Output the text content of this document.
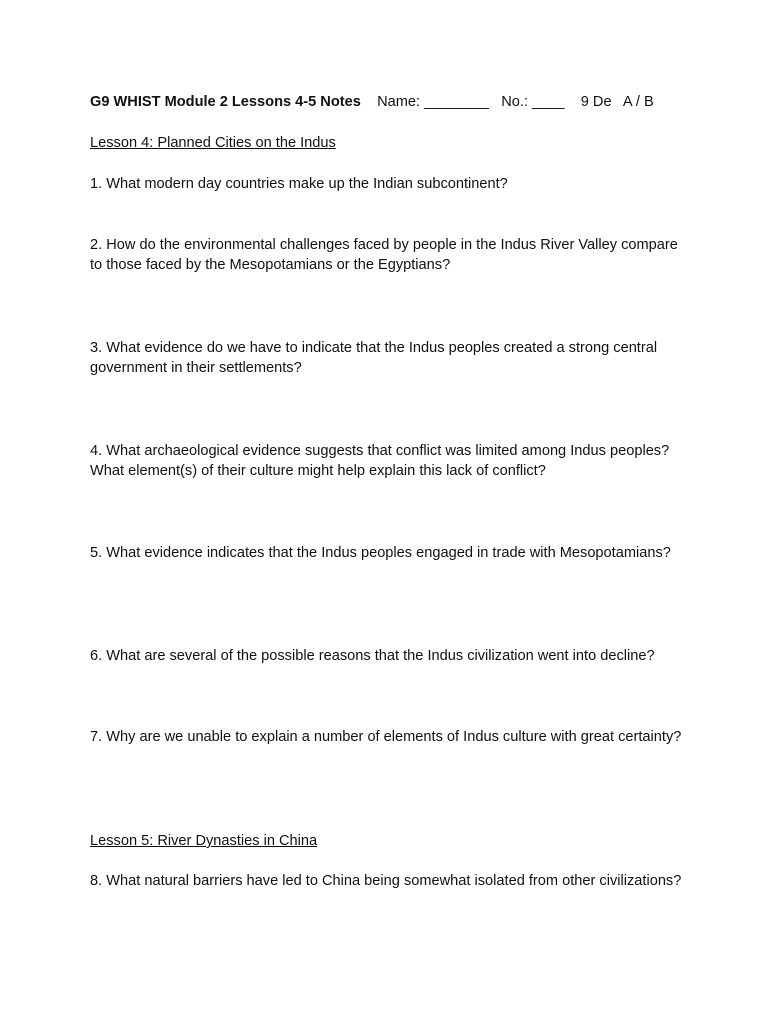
G9 WHIST Module 2 Lessons 4-5 Notes Name: ________ No.: ____ 9 De A / B
Lesson 4: Planned Cities on the Indus
1. What modern day countries make up the Indian subcontinent?
2. How do the environmental challenges faced by people in the Indus River Valley compare to those faced by the Mesopotamians or the Egyptians?
3. What evidence do we have to indicate that the Indus peoples created a strong central government in their settlements?
4. What archaeological evidence suggests that conflict was limited among Indus peoples? What element(s) of their culture might help explain this lack of conflict?
5. What evidence indicates that the Indus peoples engaged in trade with Mesopotamians?
6. What are several of the possible reasons that the Indus civilization went into decline?
7. Why are we unable to explain a number of elements of Indus culture with great certainty?
Lesson 5: River Dynasties in China
8. What natural barriers have led to China being somewhat isolated from other civilizations?
